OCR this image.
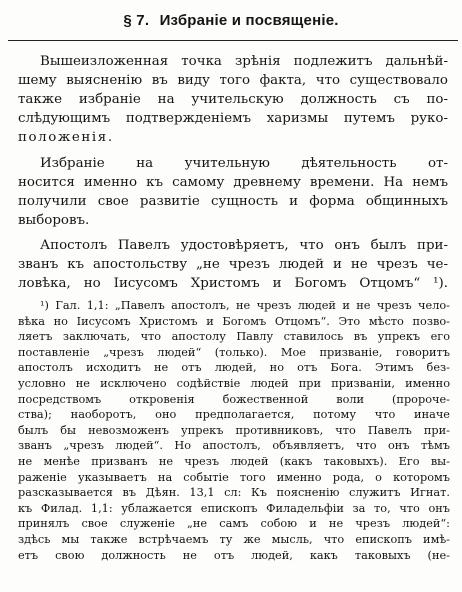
§ 7. Избраніе и посвященіе.
Вышеизложенная точка зрѣнія подлежитъ дальнѣй-
шему выясненію въ виду того факта, что существовало
также избраніе на учительскую должность съ по-
слѣдующимъ подтвержденіемъ харизмы путемъ руко-
положенія.
Избраніе на учительную дѣятельность от-
носится именно къ самому древнему времени. На немъ
получили свое развитіе сущность и форма общинныхъ
выборовъ.
Апостолъ Павелъ удостовѣряетъ, что онъ былъ при-
званъ къ апостольству „не чрезъ людей и не чрезъ че-
ловѣка, но Іисусомъ Христомъ и Богомъ Отцомъ“ ¹).
¹) Гал. 1,1: „Павелъ апостолъ, не чрезъ людей и не чрезъ чело-
вѣка но Іисусомъ Христомъ и Богомъ Отцомъ“. Это мѣсто позво-
ляетъ заключать, что апостолу Павлу ставилось въ упрекъ его
поставленіе „чрезъ людей“ (только). Мое призваніе, говоритъ
апостолъ исходитъ не отъ людей, но отъ Бога. Этимъ без-
условно не исключено содѣйствіе людей при призваніи, именно
посредствомъ откровенія божественной воли (пророче-
ства); наоборотъ, оно предполагается, потому что иначе
былъ бы невозможенъ упрекъ противниковъ, что Павелъ при-
званъ „чрезъ людей“. Но апостолъ, объявляетъ, что онъ тѣмъ
не менѣе призванъ не чрезъ людей (какъ таковыхъ). Его вы-
раженіе указываетъ на событіе того именно рода, о которомъ
разсказывается въ Дѣян. 13,1 сл: Къ поясненію служитъ Игнат.
къ Филад. 1,1: ублажается епископъ Филадельфіи за то, что онъ
принялъ свое служеніе „не самъ собою и не чрезъ людей“:
здѣсь мы также встрѣчаемъ ту же мысль, что епископъ имѣ-
етъ свою должность не отъ людей, какъ таковыхъ (не-
